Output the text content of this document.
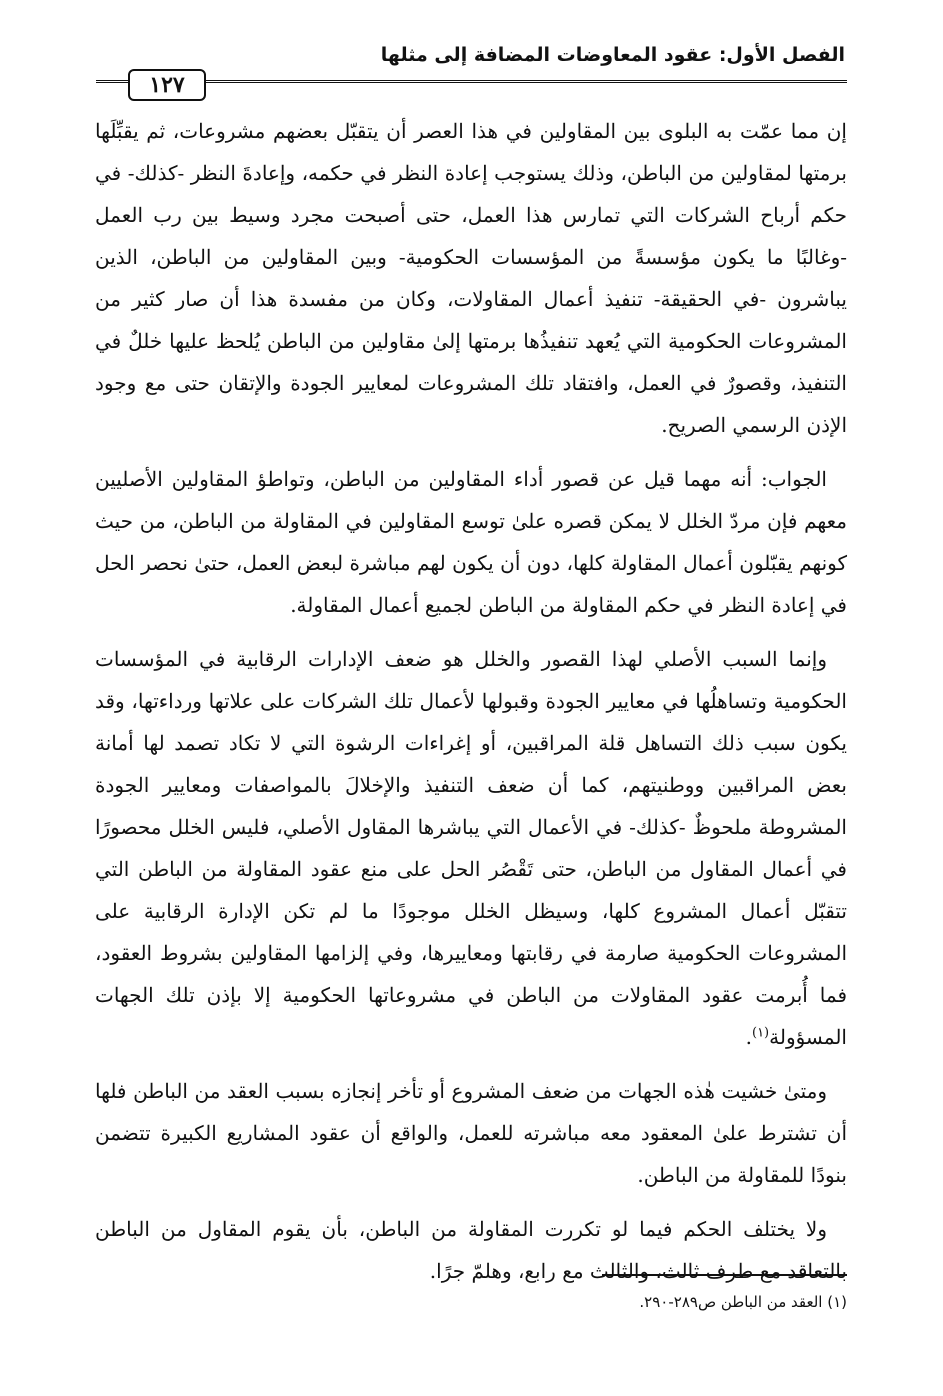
الفصل الأول: عقود المعاوضات المضافة إلى مثلها
١٢٧

إن مما عمّت به البلوى بين المقاولين في هذا العصر أن يتقبّل بعضهم مشروعات، ثم يقبِّلَها برمتها لمقاولين من الباطن، وذلك يستوجب إعادة النظر في حكمه، وإعادةَ النظر -كذلك- في حكم أرباح الشركات التي تمارس هذا العمل، حتى أصبحت مجرد وسيط بين رب العمل -وغالبًا ما يكون مؤسسةً من المؤسسات الحكومية- وبين المقاولين من الباطن، الذين يباشرون -في الحقيقة- تنفيذ أعمال المقاولات، وكان من مفسدة هذا أن صار كثير من المشروعات الحكومية التي يُعهد تنفيذُها برمتها إلىٰ مقاولين من الباطن يُلحظ عليها خللٌ في التنفيذ، وقصورٌ في العمل، وافتقاد تلك المشروعات لمعايير الجودة والإتقان حتى مع وجود الإذن الرسمي الصريح.

الجواب: أنه مهما قيل عن قصور أداء المقاولين من الباطن، وتواطؤ المقاولين الأصليين معهم فإن مردّ الخلل لا يمكن قصره علىٰ توسع المقاولين في المقاولة من الباطن، من حيث كونهم يقبّلون أعمال المقاولة كلها، دون أن يكون لهم مباشرة لبعض العمل، حتىٰ نحصر الحل في إعادة النظر في حكم المقاولة من الباطن لجميع أعمال المقاولة.

وإنما السبب الأصلي لهذا القصور والخلل هو ضعف الإدارات الرقابية في المؤسسات الحكومية وتساهلُها في معايير الجودة وقبولها لأعمال تلك الشركات على علاتها ورداءتها، وقد يكون سبب ذلك التساهل قلة المراقبين، أو إغراءات الرشوة التي لا تكاد تصمد لها أمانة بعض المراقبين ووطنيتهم، كما أن ضعف التنفيذ والإخلالَ بالمواصفات ومعايير الجودة المشروطة ملحوظٌ -كذلك- في الأعمال التي يباشرها المقاول الأصلي، فليس الخلل محصورًا في أعمال المقاول من الباطن، حتى تَقْصُر الحل على منع عقود المقاولة من الباطن التي تتقبّل أعمال المشروع كلها، وسيظل الخلل موجودًا ما لم تكن الإدارة الرقابية على المشروعات الحكومية صارمة في رقابتها ومعاييرها، وفي إلزامها المقاولين بشروط العقود، فما أُبرمت عقود المقاولات من الباطن في مشروعاتها الحكومية إلا بإذن تلك الجهات المسؤولة$^{(١)}$.

ومتىٰ خشيت هٰذه الجهات من ضعف المشروع أو تأخر إنجازه بسبب العقد من الباطن فلها أن تشترط علىٰ المعقود معه مباشرته للعمل، والواقع أن عقود المشاريع الكبيرة تتضمن بنودًا للمقاولة من الباطن.

ولا يختلف الحكم فيما لو تكررت المقاولة من الباطن، بأن يقوم المقاول من الباطن بالتعاقد مع طرف ثالث، والثالث مع رابع، وهلمّ جرًا.

(١) العقد من الباطن ص٢٨٩-٢٩٠.
